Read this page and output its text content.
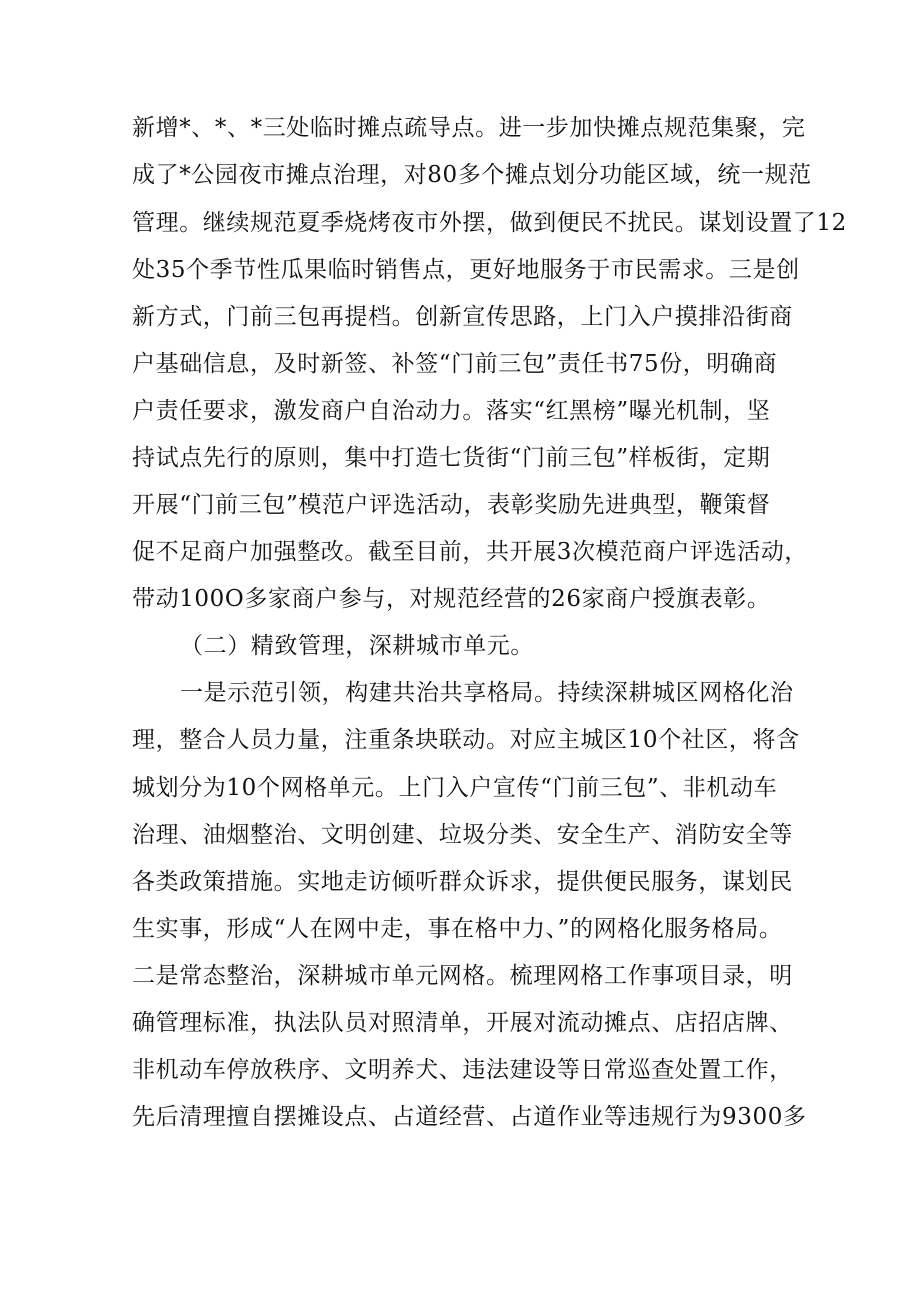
新增*、*、*三处临时摊点疏导点。进一步加快摊点规范集聚，完
成了*公园夜市摊点治理，对80多个摊点划分功能区域，统一规范
管理。继续规范夏季烧烤夜市外摆，做到便民不扰民。谋划设置了12
处35个季节性瓜果临时销售点，更好地服务于市民需求。三是创
新方式，门前三包再提档。创新宣传思路，上门入户摸排沿街商
户基础信息，及时新签、补签“门前三包”责任书75份，明确商
户责任要求，激发商户自治动力。落实“红黑榜”曝光机制，坚
持试点先行的原则，集中打造七货街“门前三包”样板街，定期
开展“门前三包”模范户评选活动，表彰奖励先进典型，鞭策督
促不足商户加强整改。截至目前，共开展3次模范商户评选活动，
带动100O多家商户参与，对规范经营的26家商户授旗表彰。
（二）精致管理，深耕城市单元。
一是示范引领，构建共治共享格局。持续深耕城区网格化治
理，整合人员力量，注重条块联动。对应主城区10个社区，将含
城划分为10个网格单元。上门入户宣传“门前三包”、非机动车
治理、油烟整治、文明创建、垃圾分类、安全生产、消防安全等
各类政策措施。实地走访倾听群众诉求，提供便民服务，谋划民
生实事，形成“人在网中走，事在格中力、”的网格化服务格局。
二是常态整治，深耕城市单元网格。梳理网格工作事项目录，明
确管理标准，执法队员对照清单，开展对流动摊点、店招店牌、
非机动车停放秩序、文明养犬、违法建设等日常巡查处置工作，
先后清理擅自摆摊设点、占道经营、占道作业等违规行为9300多
